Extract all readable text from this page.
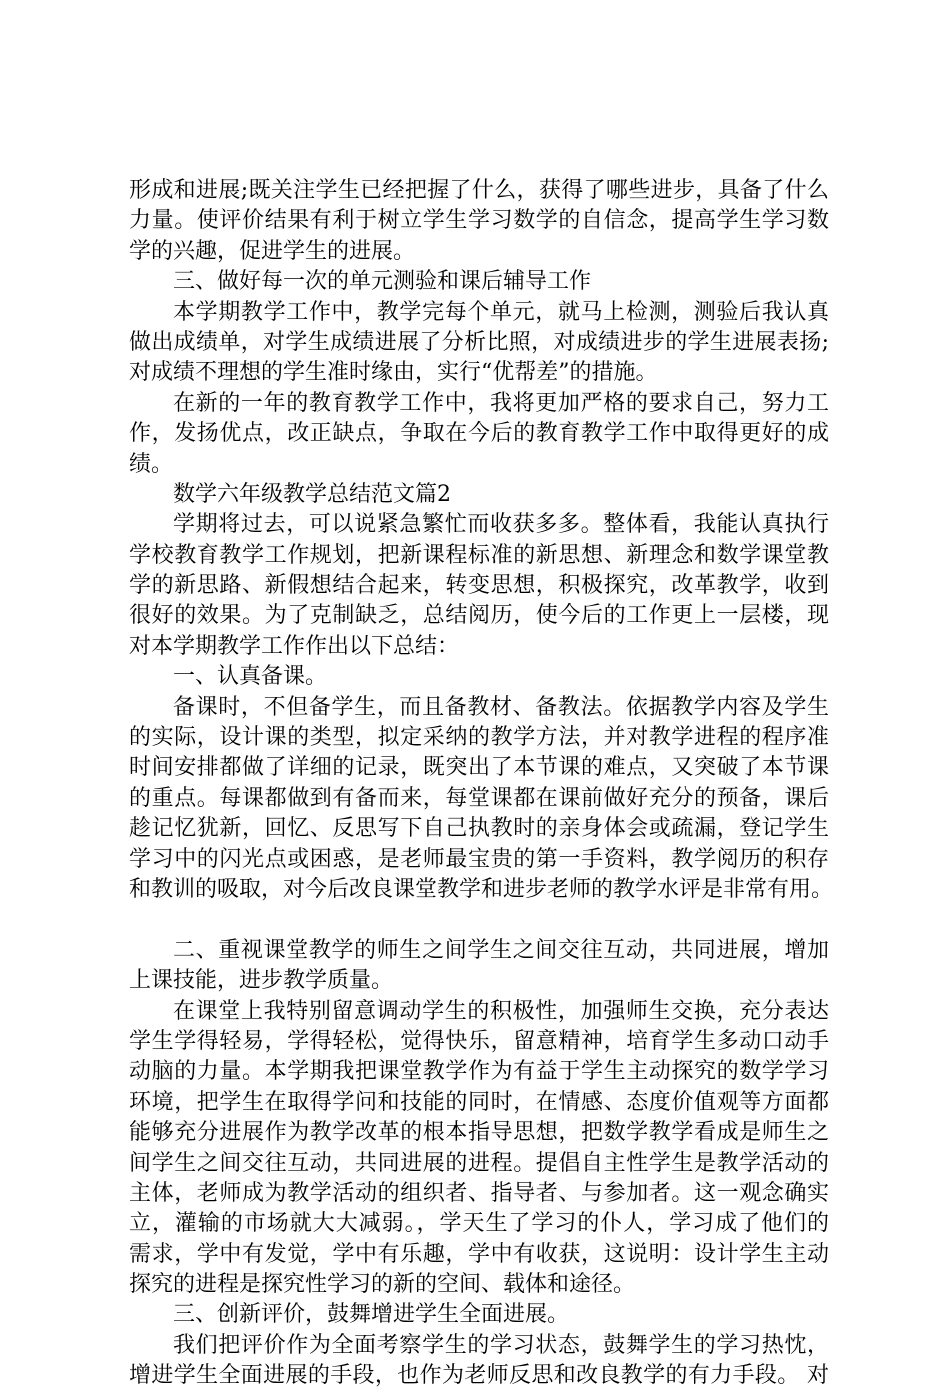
形成和进展;既关注学生已经把握了什么，获得了哪些进步，具备了什么
力量。使评价结果有利于树立学生学习数学的自信念，提高学生学习数
学的兴趣，促进学生的进展。
三、做好每一次的单元测验和课后辅导工作
本学期教学工作中，教学完每个单元，就马上检测，测验后我认真
做出成绩单，对学生成绩进展了分析比照，对成绩进步的学生进展表扬;
对成绩不理想的学生准时缘由，实行“优帮差”的措施。
在新的一年的教育教学工作中，我将更加严格的要求自己，努力工
作，发扬优点，改正缺点，争取在今后的教育教学工作中取得更好的成
绩。
数学六年级教学总结范文篇2
学期将过去，可以说紧急繁忙而收获多多。整体看，我能认真执行
学校教育教学工作规划，把新课程标准的新思想、新理念和数学课堂教
学的新思路、新假想结合起来，转变思想，积极探究，改革教学，收到
很好的效果。为了克制缺乏，总结阅历，使今后的工作更上一层楼，现
对本学期教学工作作出以下总结：
一、认真备课。
备课时，不但备学生，而且备教材、备教法。依据教学内容及学生
的实际，设计课的类型，拟定采纳的教学方法，并对教学进程的程序准
时间安排都做了详细的记录，既突出了本节课的难点，又突破了本节课
的重点。每课都做到有备而来，每堂课都在课前做好充分的预备，课后
趁记忆犹新，回忆、反思写下自己执教时的亲身体会或疏漏，登记学生
学习中的闪光点或困惑，是老师最宝贵的第一手资料，教学阅历的积存
和教训的吸取，对今后改良课堂教学和进步老师的教学水评是非常有用。
二、重视课堂教学的师生之间学生之间交往互动，共同进展，增加
上课技能，进步教学质量。
在课堂上我特别留意调动学生的积极性，加强师生交换，充分表达
学生学得轻易，学得轻松，觉得快乐，留意精神，培育学生多动口动手
动脑的力量。本学期我把课堂教学作为有益于学生主动探究的数学学习
环境，把学生在取得学问和技能的同时，在情感、态度价值观等方面都
能够充分进展作为教学改革的根本指导思想，把数学教学看成是师生之
间学生之间交往互动，共同进展的进程。提倡自主性学生是教学活动的
主体，老师成为教学活动的组织者、指导者、与参加者。这一观念确实
立，灌输的市场就大大减弱。，学天生了学习的仆人，学习成了他们的
需求，学中有发觉，学中有乐趣，学中有收获，这说明：设计学生主动
探究的进程是探究性学习的新的空间、载体和途径。
三、创新评价，鼓舞增进学生全面进展。
我们把评价作为全面考察学生的学习状态，鼓舞学生的学习热忱，
增进学生全面进展的手段，也作为老师反思和改良教学的有力手段。 对
